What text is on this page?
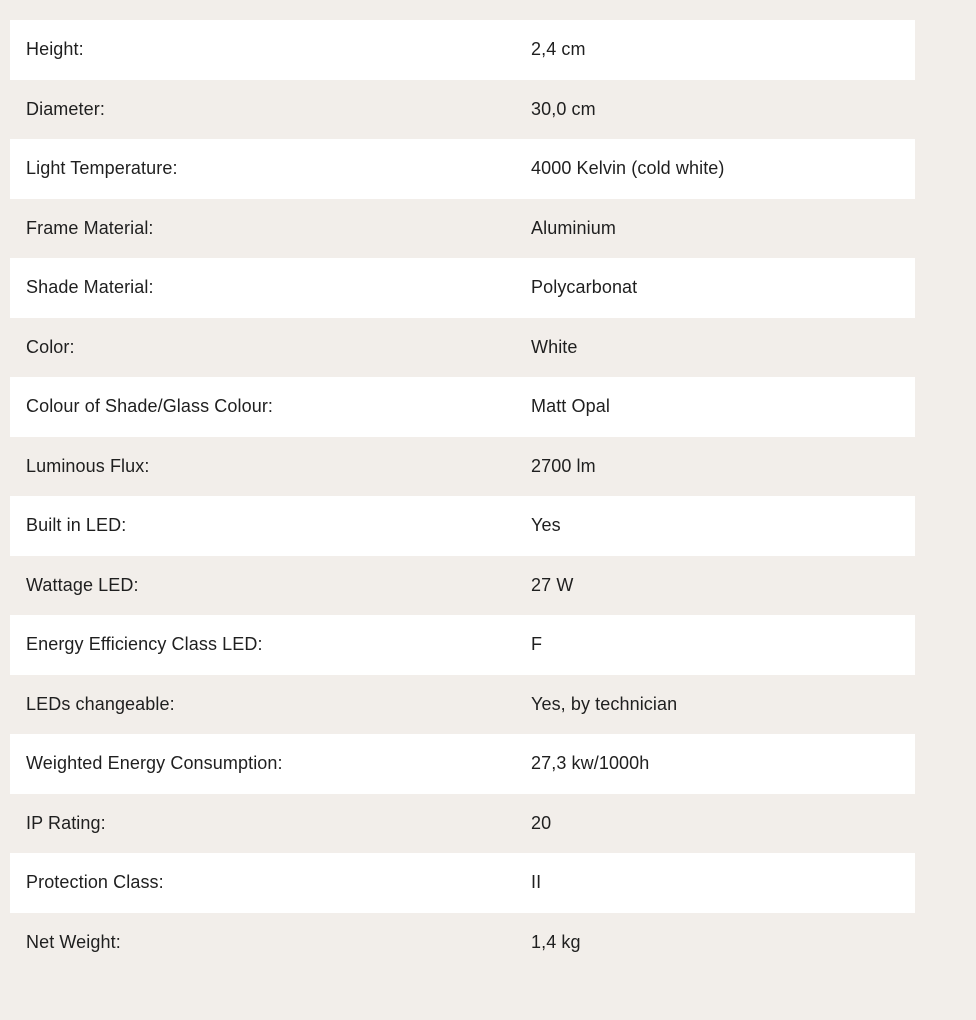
Height:	2,4 cm
Diameter:	30,0 cm
Light Temperature:	4000 Kelvin (cold white)
Frame Material:	Aluminium
Shade Material:	Polycarbonat
Color:	White
Colour of Shade/Glass Colour:	Matt Opal
Luminous Flux:	2700 lm
Built in LED:	Yes
Wattage LED:	27 W
Energy Efficiency Class LED:	F
LEDs changeable:	Yes, by technician
Weighted Energy Consumption:	27,3 kw/1000h
IP Rating:	20
Protection Class:	II
Net Weight:	1,4 kg
